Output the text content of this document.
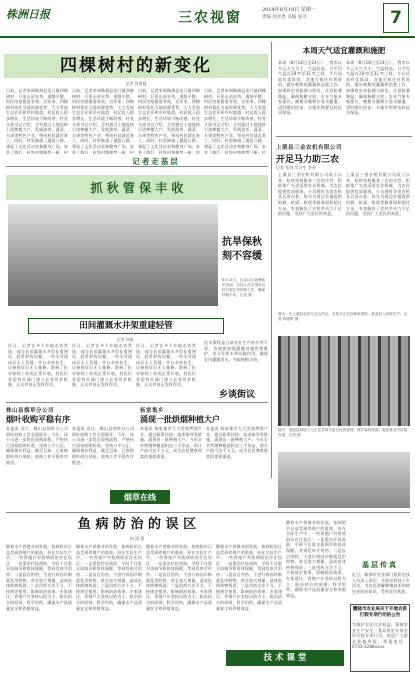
株洲日报	三农视窗	2014年8月18日 星期一
责编 何水香 美编 易可	7
四棵树村的新变化
记者 肖胜藤
日前，记者来到株洲县龙门镇四棵树村，只见山清水秀，道路平整，村民房屋错落有致。近年来，四棵树村依托当地资源优势，大力发展生态农业和乡村旅游，村民收入稳步增长，生活环境不断改善。村党支部书记介绍，全村通过土地流转引进种植大户，发展油茶、蔬菜、水果等特色产业，带动村民就近务工。同时，村里修通了通组公路，建起了文化活动室和健身广场，安装了路灯，村容村貌焕然一新。村
日前，记者来到株洲县龙门镇四棵树村，只见山清水秀，道路平整，村民房屋错落有致。近年来，四棵树村依托当地资源优势，大力发展生态农业和乡村旅游，村民收入稳步增长，生活环境不断改善。村党支部书记介绍，全村通过土地流转引进种植大户，发展油茶、蔬菜、水果等特色产业，带动村民就近务工。同时，村里修通了通组公路，建起了文化活动室和健身广场，安装了路灯，村容村貌焕然一新。村
日前，记者来到株洲县龙门镇四棵树村，只见山清水秀，道路平整，村民房屋错落有致。近年来，四棵树村依托当地资源优势，大力发展生态农业和乡村旅游，村民收入稳步增长，生活环境不断改善。村党支部书记介绍，全村通过土地流转引进种植大户，发展油茶、蔬菜、水果等特色产业，带动村民就近务工。同时，村里修通了通组公路，建起了文化活动室和健身广场，安装了路灯，村容村貌焕然一新。村
日前，记者来到株洲县龙门镇四棵树村，只见山清水秀，道路平整，村民房屋错落有致。近年来，四棵树村依托当地资源优势，大力发展生态农业和乡村旅游，村民收入稳步增长，生活环境不断改善。村党支部书记介绍，全村通过土地流转引进种植大户，发展油茶、蔬菜、水果等特色产业，带动村民就近务工。同时，村里修通了通组公路，建起了文化活动室和健身广场，安装了路灯，村容村貌焕然一新。村
本周天气适宜灌溉和施肥
本周（8月18日至24日），我市以多云天气为主，气温较高，日平均气温在28℃至31℃之间，午后局部有雷阵雨。各地可抓住有利时机，做好晚稻的灌溉和追肥工作，加强病虫害监测与防治，注意防暑降温，确保秋粮丰收。农业气象专家建议，晚稻分蘖期应浅水勤灌，适时晒田控苗；旱地作物要及时抗旱保苗。
本周（8月18日至24日），我市以多云天气为主，气温较高，日平均气温在28℃至31℃之间，午后局部有雷阵雨。各地可抓住有利时机，做好晚稻的灌溉和追肥工作，加强病虫害监测与防治，注意防暑降温，确保秋粮丰收。农业气象专家建议，晚稻分蘖期应浅水勤灌，适时晒田控苗；旱地作物要及时抗旱保苗。
记者走基层
抓 秋 管 保 丰 收
抗旱保秋 刻不容缓
8月13日，在渌口区南洲镇的田间，农技人员正指导农民开展抗旱保秋工作，确保秋粮丰收。记者 摄
田间灌溉水井架重建轻管
记者 何俊
近日，记者在多个乡镇走访发现，部分农田灌溉水井存在重建设、轻管护的问题。一些水井建成后无人管理，井口杂草丛生，设备损坏后无人维修，影响了抗旱保秋工作的正常开展。村民们希望有关部门建立长效管护机制，让水井真正发挥作用。
近日，记者在多个乡镇走访发现，部分农田灌溉水井存在重建设、轻管护的问题。一些水井建成后无人管理，井口杂草丛生，设备损坏后无人维修，影响了抗旱保秋工作的正常开展。村民们希望有关部门建立长效管护机制，让水井真正发挥作用。
近日，记者在多个乡镇走访发现，部分农田灌溉水井存在重建设、轻管护的问题。一些水井建成后无人管理，井口杂草丛生，设备损坏后无人维修，影响了抗旱保秋工作的正常开展。村民们希望有关部门建立长效管护机制，让水井真正发挥作用。
抗旱保秋是当前农业生产的头等大事。各地要加强灌溉设施管理维护，充分发挥水利设施作用，确保农田灌溉用水，夺取秋粮丰收。
乡谈街议
上栗县三金农机有限公司
开足马力助三农
记者 张剑 实习生 李芳
上栗县三金农机有限公司成立以来，始终坚持服务三农的宗旨，积极推广先进适用农业机械，为农民提供优质服务。公司拥有各类农机具百余台套，每年为周边乡镇提供机耕、机插、机收等服务面积超过万亩，有效解决了农村劳动力不足的问题，受到广大农民的欢迎。
上栗县三金农机有限公司成立以来，始终坚持服务三农的宗旨，积极推广先进适用农业机械，为农民提供优质服务。公司拥有各类农机具百余台套，每年为周边乡镇提供机耕、机插、机收等服务面积超过万亩，有效解决了农村劳动力不足的问题，受到广大农民的欢迎。
图为：在上栗县农机专业合作社，农机手正在检修收割机，准备投入秋收生产。记者 林建辉 摄
图为：炎陵县林场工人正在对林木进行抚育管理，保护森林资源，促进林业可持续发展。记者 摄
株山县烟草分公司
烟叶收购平稳有序
本报讯 近日，株山县烟草分公司烟叶收购工作全面展开。今年，该公司进一步优化收购流程，严格执行国家收购标准，坚持公平公正，确保烟农利益。截至目前，已收购烟叶两万余担，收购工作平稳有序推进。
本报讯 近日，株山县烟草分公司烟叶收购工作全面展开。今年，该公司进一步优化收购流程，严格执行国家收购标准，坚持公平公正，确保烟农利益。截至目前，已收购烟叶两万余担，收购工作平稳有序推进。
杨家集乡
涌现一批烘烟种植大户
本报讯 杨家集乡大力发展烤烟产业，通过政策扶持、技术指导等措施，涌现出一批种植大户。今年全乡烤烟种植面积达三千余亩，预计产值可达千万元，成为农民增收致富的重要渠道。
本报讯 杨家集乡大力发展烤烟产业，通过政策扶持、技术指导等措施，涌现出一批种植大户。今年全乡烤烟种植面积达三千余亩，预计产值可达千万元，成为农民增收致富的重要渠道。
烟草在线
鱼 病 防 治 的 误 区
何 国 强
随着水产养殖业的发展，鱼病防治日益受到养殖户的重视。但在实际生产中，一些养殖户对鱼病防治存在误区：一是重治疗轻预防，平时不注重水质调节和鱼体保健，等到发病才用药；二是盲目用药，不进行病因诊断就乱用药物，甚至加大剂量，造成鱼体药物残留；三是用药方法不当，不按规定使用，影响防治效果。专家建议，养殖户应坚持以防为主、防治结合的原则，科学用药，确保水产品质量安全和养殖效益。
随着水产养殖业的发展，鱼病防治日益受到养殖户的重视。但在实际生产中，一些养殖户对鱼病防治存在误区：一是重治疗轻预防，平时不注重水质调节和鱼体保健，等到发病才用药；二是盲目用药，不进行病因诊断就乱用药物，甚至加大剂量，造成鱼体药物残留；三是用药方法不当，不按规定使用，影响防治效果。专家建议，养殖户应坚持以防为主、防治结合的原则，科学用药，确保水产品质量安全和养殖效益。
随着水产养殖业的发展，鱼病防治日益受到养殖户的重视。但在实际生产中，一些养殖户对鱼病防治存在误区：一是重治疗轻预防，平时不注重水质调节和鱼体保健，等到发病才用药；二是盲目用药，不进行病因诊断就乱用药物，甚至加大剂量，造成鱼体药物残留；三是用药方法不当，不按规定使用，影响防治效果。专家建议，养殖户应坚持以防为主、防治结合的原则，科学用药，确保水产品质量安全和养殖效益。
随着水产养殖业的发展，鱼病防治日益受到养殖户的重视。但在实际生产中，一些养殖户对鱼病防治存在误区：一是重治疗轻预防，平时不注重水质调节和鱼体保健，等到发病才用药；二是盲目用药，不进行病因诊断就乱用药物，甚至加大剂量，造成鱼体药物残留；三是用药方法不当，不按规定使用，影响防治效果。专家建议，养殖户应坚持以防为主、防治结合的原则，科学用药，确保水产品质量安全和养殖效益。
随着水产养殖业的发展，鱼病防治日益受到养殖户的重视。但在实际生产中，一些养殖户对鱼病防治存在误区：一是重治疗轻预防，平时不注重水质调节和鱼体保健，等到发病才用药；二是盲目用药，不进行病因诊断就乱用药物，甚至加大剂量，造成鱼体药物残留；三是用药方法不当，不按规定使用，影响防治效果。专家建议，养殖户应坚持以防为主、防治结合的原则，科学用药，确保水产品质量安全和养殖效益。
技 术 课 堂
基层传真
近日，株洲市农业部门组织农技人员深入基层，开展送科技下乡活动，为农民讲解种植技术和病虫害防治知识，受到农民欢迎。
醴陵市农业局关于开展农资打假专项行动的公告
为维护农民合法权益，保障农业生产安全，我局决定开展农资打假专项行动，欢迎广大群众积极举报。举报电话：0733-2288xxxx
